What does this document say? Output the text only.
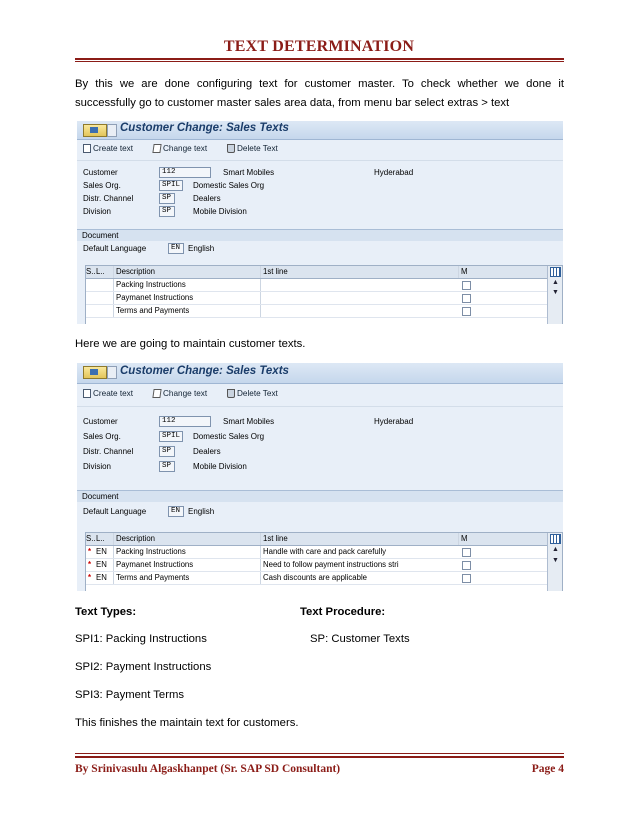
TEXT DETERMINATION
By this we are done configuring text for customer master. To check whether we done it
successfully go to customer master sales area data, from menu bar select extras > text
Customer Change: Sales Texts
Create text	Change text	Delete Text
Customer	112	Smart Mobiles	Hyderabad
Sales Org.	SPIL	Domestic Sales Org
Distr. Channel	SP	Dealers
Division	SP	Mobile Division
Document
Default Language	EN English
S.. L..	Description	1st line	M
Packing Instructions
Paymanet Instructions
Terms and Payments
▲
▼
Here we are going to maintain customer texts.
Customer Change: Sales Texts
Create text	Change text	Delete Text
Customer	112	Smart Mobiles	Hyderabad
Sales Org.	SPIL	Domestic Sales Org
Distr. Channel	SP	Dealers
Division	SP	Mobile Division
Document
Default Language	EN English
S.. L..	Description	1st line	M
* EN	Packing Instructions	Handle with care and pack carefully
* EN	Paymanet Instructions	Need to follow payment instructions stri
* EN	Terms and Payments	Cash discounts are applicable
▲
▼
Text Types:	Text Procedure:
SPI1: Packing Instructions	SP: Customer Texts
SPI2: Payment Instructions
SPI3: Payment Terms
This finishes the maintain text for customers.
By Srinivasulu Algaskhanpet (Sr. SAP SD Consultant)	Page 4
